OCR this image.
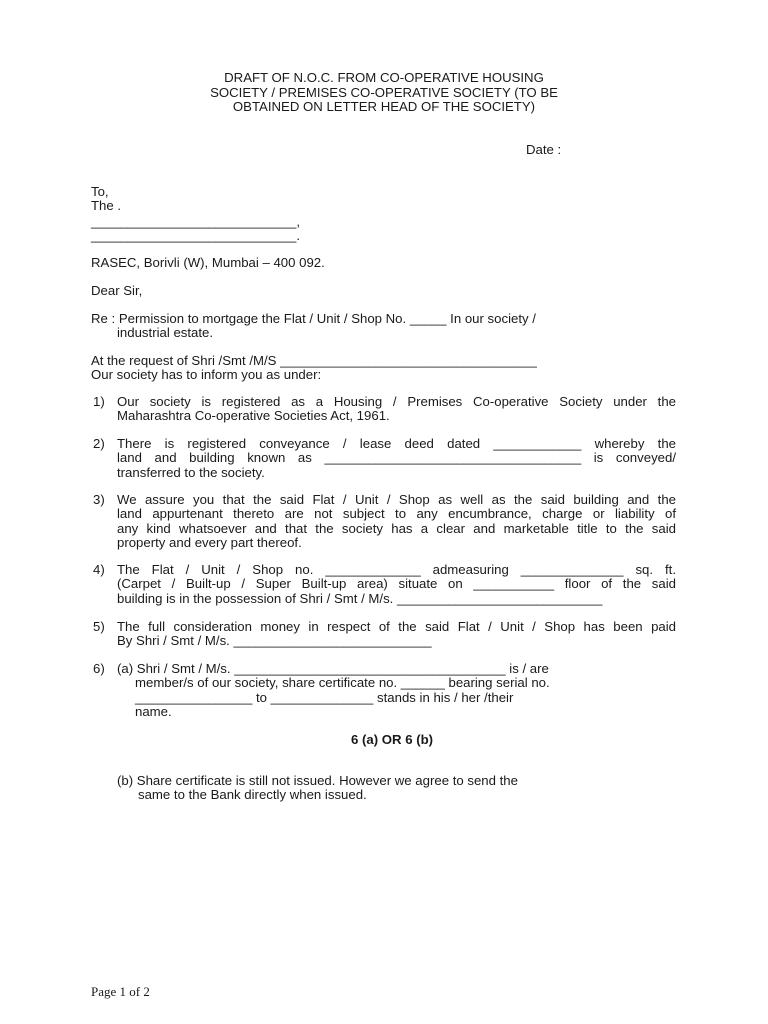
DRAFT OF N.O.C. FROM CO-OPERATIVE HOUSING
SOCIETY / PREMISES CO-OPERATIVE SOCIETY (TO BE
OBTAINED ON LETTER HEAD OF THE SOCIETY)

Date :

To,

The .

____________________________,

____________________________.

RASEC, Borivli (W), Mumbai – 400 092.

Dear Sir,

Re : Permission to mortgage the Flat / Unit / Shop No. _____ In our society /

industrial estate.

At the request of Shri /Smt /M/S ___________________________________

Our society has to inform you as under:

1) Our society is registered as a Housing / Premises Co-operative Society under the
Maharashtra Co-operative Societies Act, 1961.
2) There is registered conveyance / lease deed dated ____________ whereby the
land and building known as ___________________________________ is conveyed/
transferred to the society.
3) We assure you that the said Flat / Unit / Shop as well as the said building and the
land appurtenant thereto are not subject to any encumbrance, charge or liability of
any kind whatsoever and that the society has a clear and marketable title to the said
property and every part thereof.
4) The Flat / Unit / Shop no. _____________ admeasuring ______________ sq. ft.
(Carpet / Built-up / Super Built-up area) situate on ___________ floor of the said
building is in the possession of Shri / Smt / M/s. ____________________________
5) The full consideration money in respect of the said Flat / Unit / Shop has been paid
By Shri / Smt / M/s. ___________________________
6) (a) Shri / Smt / M/s. _____________________________________ is / are

member/s of our society, share certificate no. ______ bearing serial no.

________________ to ______________ stands in his / her /their

name.

6 (a) OR 6 (b)

(b) Share certificate is still not issued. However we agree to send the

same to the Bank directly when issued.

Page 1 of 2
